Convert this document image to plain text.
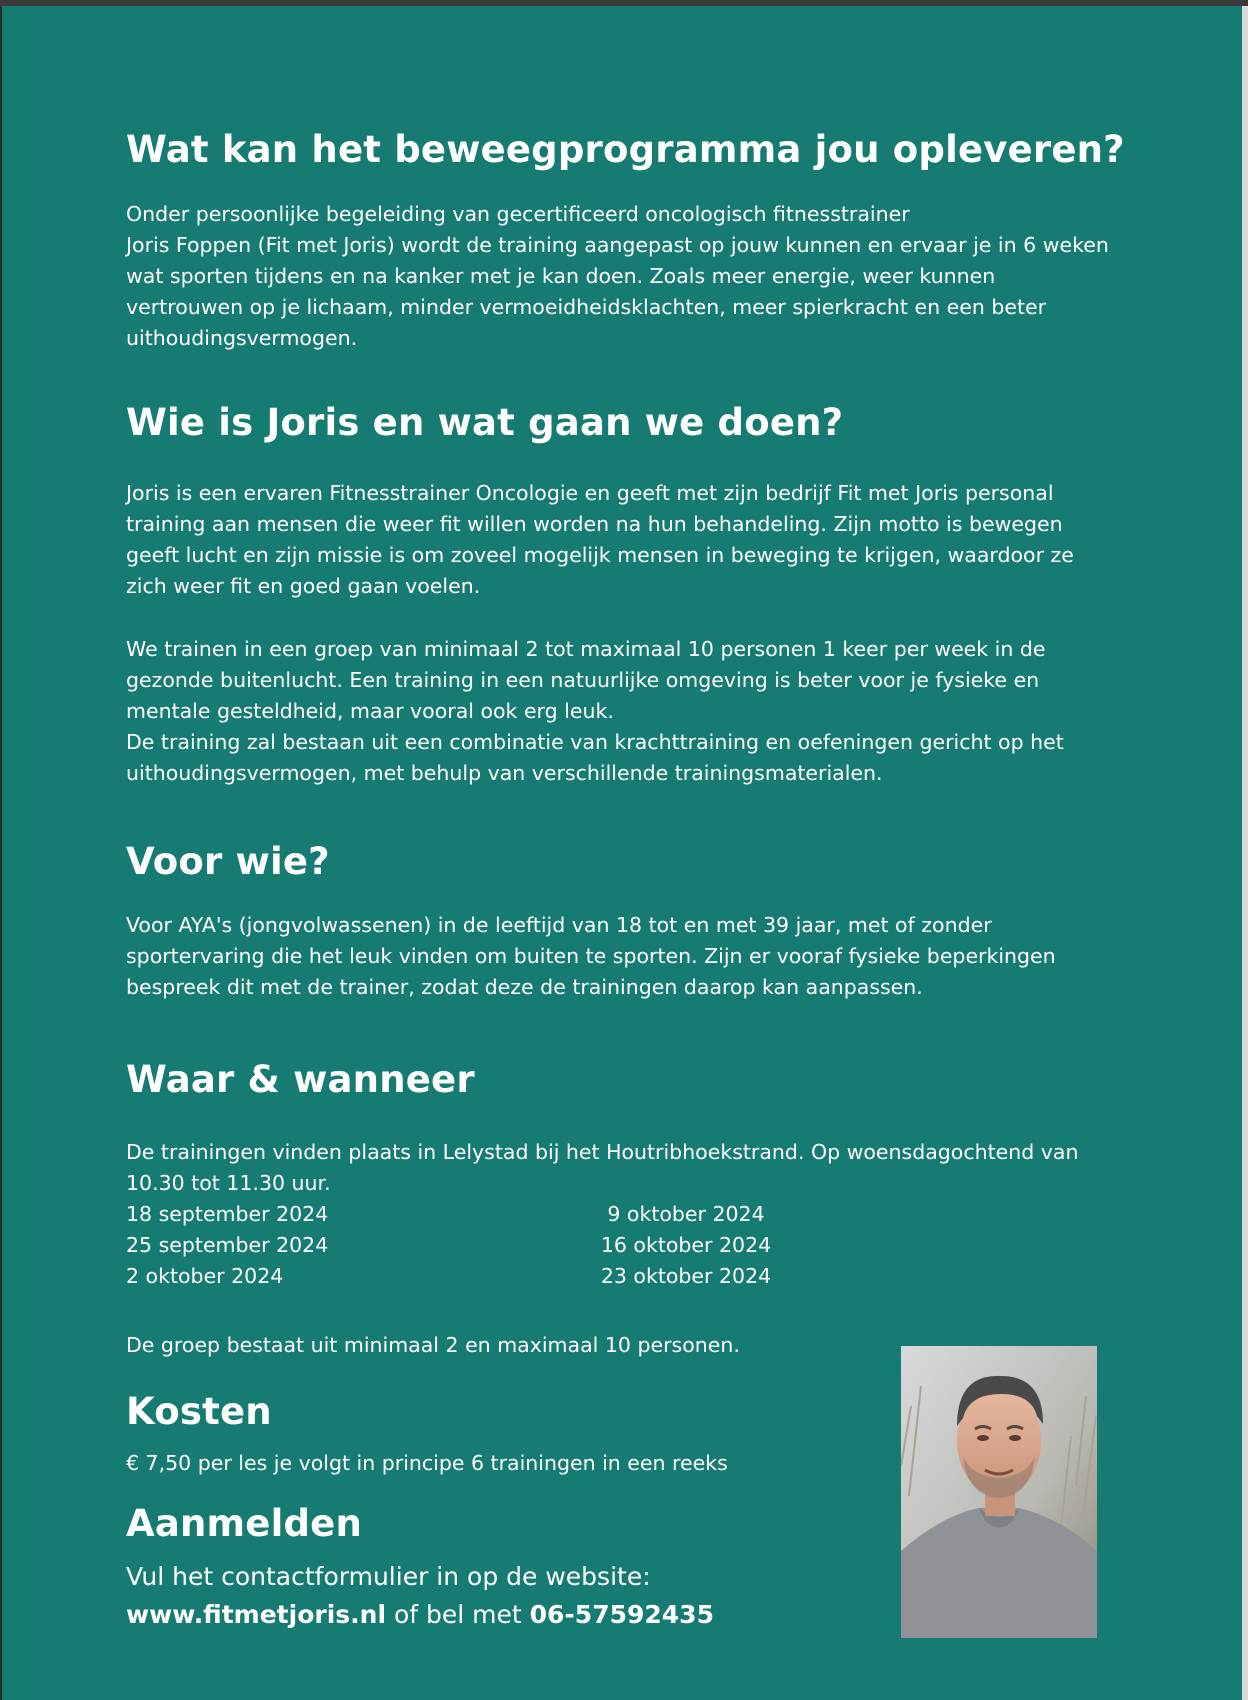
Wat kan het beweegprogramma jou opleveren?
Onder persoonlijke begeleiding van gecertificeerd oncologisch fitnesstrainer
Joris Foppen (Fit met Joris) wordt de training aangepast op jouw kunnen en ervaar je in 6 weken wat sporten tijdens en na kanker met je kan doen. Zoals meer energie, weer kunnen vertrouwen op je lichaam, minder vermoeidheidsklachten, meer spierkracht en een beter uithoudingsvermogen.
Wie is Joris en wat gaan we doen?
Joris is een ervaren Fitnesstrainer Oncologie en geeft met zijn bedrijf Fit met Joris personal training aan mensen die weer fit willen worden na hun behandeling. Zijn motto is bewegen geeft lucht en zijn missie is om zoveel mogelijk mensen in beweging te krijgen, waardoor ze zich weer fit en goed gaan voelen.
We trainen in een groep van minimaal 2 tot maximaal 10 personen 1 keer per week in de gezonde buitenlucht. Een training in een natuurlijke omgeving is beter voor je fysieke en mentale gesteldheid, maar vooral ook erg leuk.
De training zal bestaan uit een combinatie van krachttraining en oefeningen gericht op het uithoudingsvermogen, met behulp van verschillende trainingsmaterialen.
Voor wie?
Voor AYA's (jongvolwassenen) in de leeftijd van 18 tot en met 39 jaar, met of zonder sportervaring die het leuk vinden om buiten te sporten. Zijn er vooraf fysieke beperkingen bespreek dit met de trainer, zodat deze de trainingen daarop kan aanpassen.
Waar & wanneer
De trainingen vinden plaats in Lelystad bij het Houtribhoekstrand. Op woensdagochtend van 10.30 tot 11.30 uur.
18 september 2024
25 september 2024
2 oktober 2024
9 oktober 2024
16 oktober 2024
23 oktober 2024
De groep bestaat uit minimaal 2 en maximaal 10 personen.
Kosten
€ 7,50 per les je volgt in principe 6 trainingen in een reeks
Aanmelden
Vul het contactformulier in op de website:
www.fitmetjoris.nl of bel met 06-57592435
